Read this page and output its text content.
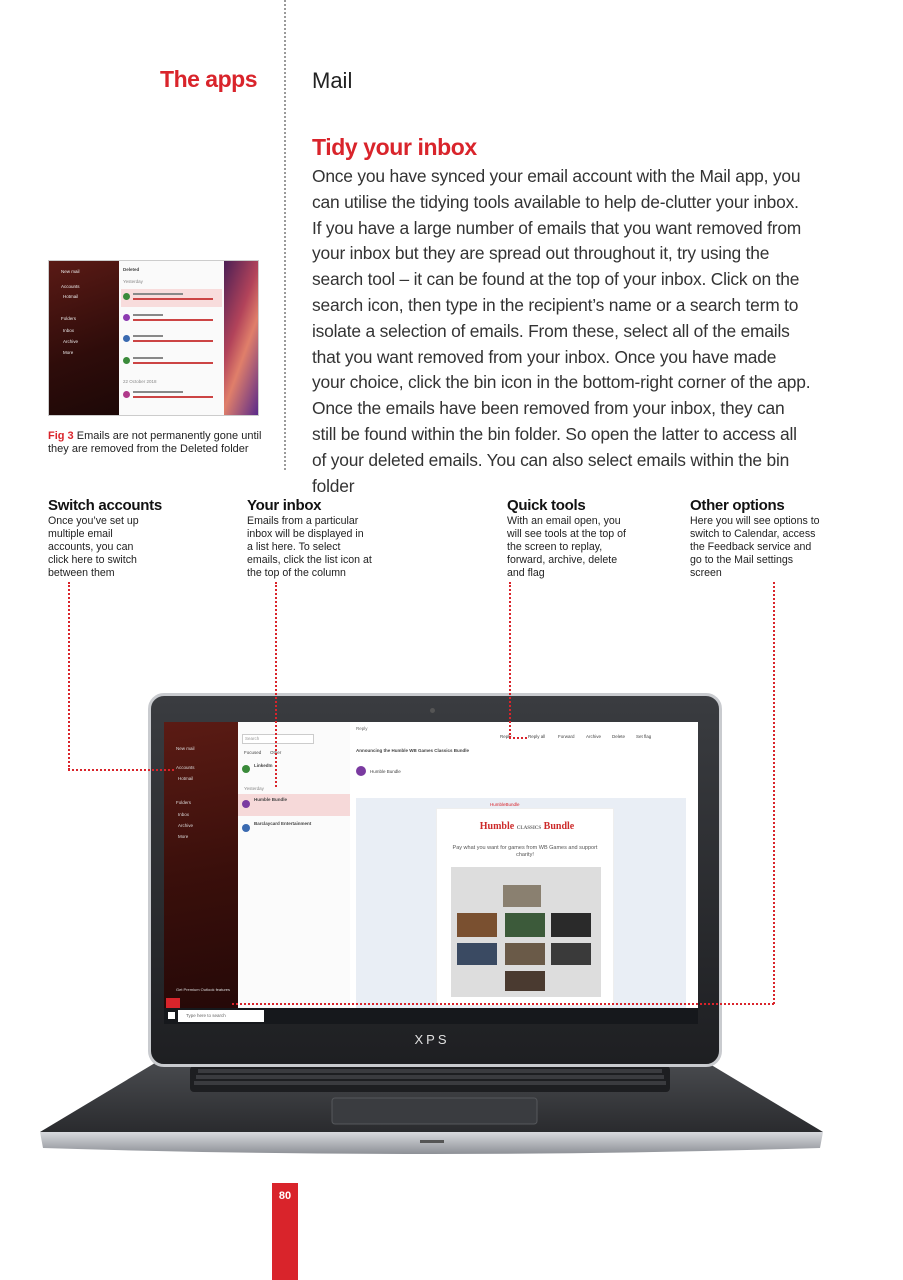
The apps	Mail
Tidy your inbox
Once you have synced your email account with the Mail app, you can utilise the tidying tools available to help de-clutter your inbox. If you have a large number of emails that you want removed from your inbox but they are spread out throughout it, try using the search tool – it can be found at the top of your inbox. Click on the search icon, then type in the recipient’s name or a search term to isolate a selection of emails. From these, select all of the emails that you want removed from your inbox. Once you have made your choice, click the bin icon in the bottom-right corner of the app. Once the emails have been removed from your inbox, they can still be found within the bin folder. So open the latter to access all of your deleted emails. You can also select emails within the bin folder
New mail
Accounts
Hotmail
Folders
Inbox
Archive
More
Deleted
Yesterday
22 October 2018
Fig 3 Emails are not permanently gone until they are removed from the Deleted folder
Switch accounts

Once you’ve set up multiple email accounts, you can click here to switch between them

Your inbox

Emails from a particular inbox will be displayed in a list here. To select emails, click the list icon at the top of the column

Quick tools

With an email open, you will see tools at the top of the screen to replay, forward, archive, delete and flag

Other options

Here you will see options to switch to Calendar, access the Feedback service and go to the Mail settings screen

XPS
New mail
Accounts
Hotmail
Folders
Inbox
Archive
More
Get Premium Outlook features
Search
Focused Other
LinkedIn
Yesterday
Humble Bundle
Barclaycard Entertainment
Reply
Reply	Reply all	Forward	Archive Delete Set flag
Announcing the Humble WB Games Classics Bundle
Humble Bundle
HumbleBundle
Type here to search
Humble CLASSICS Bundle
Pay what you want for games from WB Games and support charity!
80
